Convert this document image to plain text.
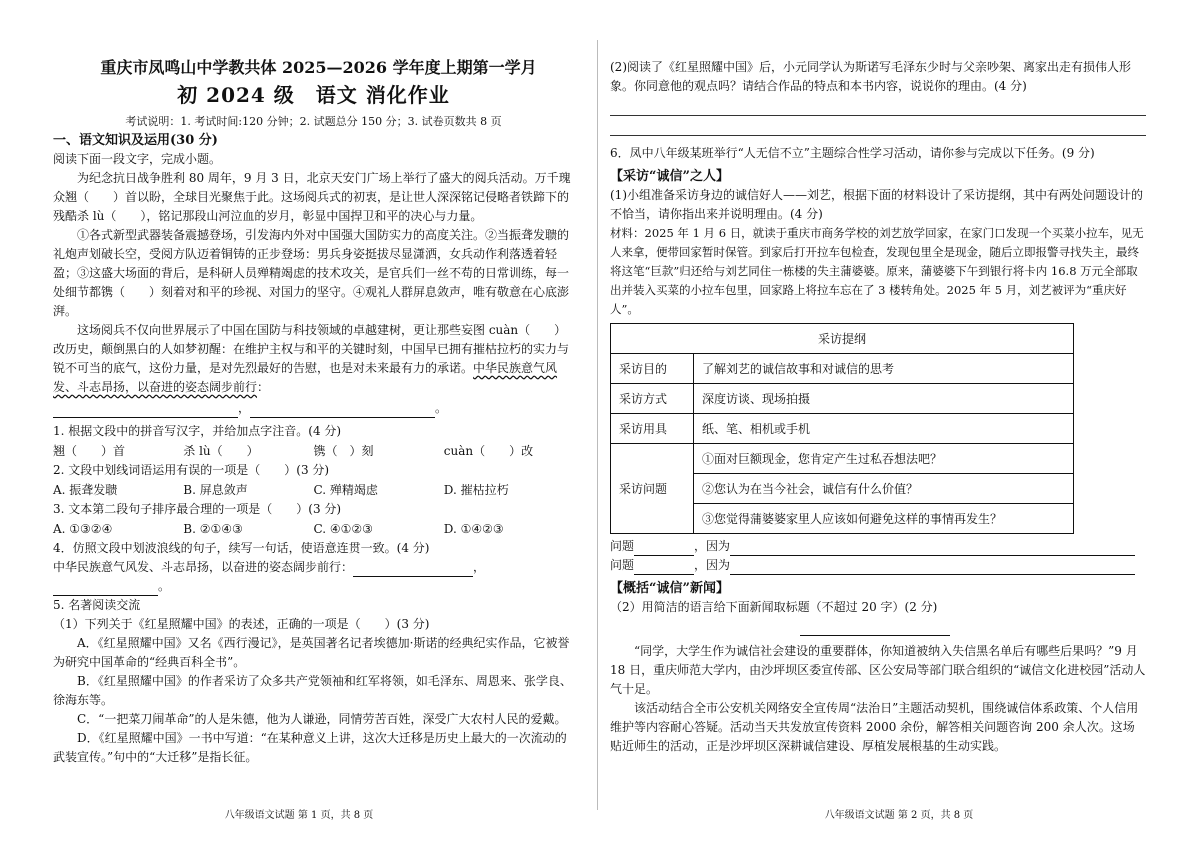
重庆市凤鸣山中学教共体 2025—2026 学年度上期第一学月
初 2024 级　语文 消化作业
考试说明：1. 考试时间:120 分钟；2. 试题总分 150 分；3. 试卷页数共 8 页
一、语文知识及运用(30 分)

阅读下面一段文字，完成小题。

为纪念抗日战争胜利 80 周年，9 月 3 日，北京天安门广场上举行了盛大的阅兵活动。万千瑰众翘（　　）首以盼，全球目光聚焦于此。这场阅兵式的初衷，是让世人深深铭记侵略者铁蹄下的残酷杀 lù（　　），铭记那段山河泣血的岁月，彰显中国捍卫和平的决心与力量。

①各式新型武器装备震撼登场，引发海内外对中国强大国防实力的高度关注。②当振聋发聩的礼炮声划破长空，受阅方队迈着铜铸的正步登场：男兵身姿挺拔尽显潇洒，女兵动作利落透着轻盈；③这盛大场面的背后，是科研人员殚精竭虑的技术攻关，是官兵们一丝不苟的日常训练，每一处细节都镌（　　）刻着对和平的珍视、对国力的坚守。④观礼人群屏息敛声，唯有敬意在心底澎湃。

这场阅兵不仅向世界展示了中国在国防与科技领域的卓越建树，更让那些妄图 cuàn（　　）改历史，颠倒黑白的人如梦初醒：在维护主权与和平的关键时刻，中国早已拥有摧枯拉朽的实力与锐不可当的底气，这份力量，是对先烈最好的告慰，也是对未来最有力的承诺。中华民族意气风发、斗志昂扬，以奋进的姿态阔步前行：

，	。

1. 根据文段中的拼音写汉字，并给加点字注音。(4 分)

翘（　　）首	杀 lù（　　）	镌（　）刻	cuàn（　　）改

2. 文段中划线词语运用有误的一项是（　　）(3 分)

A. 振聋发聩	B. 屏息敛声	C. 殚精竭虑	D. 摧枯拉朽

3. 文本第二段句子排序最合理的一项是（　　）(3 分)

A. ①③②④	B. ②①④③	C. ④①②③	D. ①④②③

4．仿照文段中划波浪线的句子，续写一句话，使语意连贯一致。(4 分)

中华民族意气风发、斗志昂扬，以奋进的姿态阔步前行：	，。

5. 名著阅读交流

（1）下列关于《红星照耀中国》的表述，正确的一项是（　　）(3 分)

A．《红星照耀中国》又名《西行漫记》，是英国著名记者埃德加·斯诺的经典纪实作品，它被誉为研究中国革命的“经典百科全书”。

B．《红星照耀中国》的作者采访了众多共产党领袖和红军将领，如毛泽东、周恩来、张学良、徐海东等。

C．“一把菜刀闹革命”的人是朱德，他为人谦逊，同情劳苦百姓，深受广大农村人民的爱戴。

D．《红星照耀中国》一书中写道：“在某种意义上讲，这次大迁移是历史上最大的一次流动的武装宣传。”句中的“大迁移”是指长征。

八年级语文试题 第 1 页，共 8 页

(2)阅读了《红星照耀中国》后，小元同学认为斯诺写毛泽东少时与父亲吵架、离家出走有损伟人形象。你同意他的观点吗？请结合作品的特点和本书内容，说说你的理由。(4 分)

6．凤中八年级某班举行“人无信不立”主题综合性学习活动，请你参与完成以下任务。(9 分)

【采访“诚信”之人】

(1)小组准备采访身边的诚信好人——刘艺，根据下面的材料设计了采访提纲，其中有两处问题设计的不恰当，请你指出来并说明理由。(4 分)

材料：2025 年 1 月 6 日，就读于重庆市商务学校的刘艺放学回家，在家门口发现一个买菜小拉车，见无人来拿，便带回家暂时保管。到家后打开拉车包检查，发现包里全是现金，随后立即报警寻找失主，最终将这笔“巨款”归还给与刘艺同住一栋楼的失主蒲婆婆。原来，蒲婆婆下午到银行将卡内 16.8 万元全部取出并装入买菜的小拉车包里，回家路上将拉车忘在了 3 楼转角处。2025 年 5 月，刘艺被评为“重庆好人”。

采访提纲	
采访目的	了解刘艺的诚信故事和对诚信的思考
采访方式	深度访谈、现场拍摄
采访用具	纸、笔、相机或手机
采访问题	①面对巨额现金，您肯定产生过私吞想法吧？
	②您认为在当今社会，诚信有什么价值？
	③您觉得蒲婆婆家里人应该如何避免这样的事情再发生？

问题	，因为

问题	，因为

【概括“诚信”新闻】

（2）用简洁的语言给下面新闻取标题（不超过 20 字）(2 分)

“同学，大学生作为诚信社会建设的重要群体，你知道被纳入失信黑名单后有哪些后果吗？”9 月 18 日，重庆师范大学内，由沙坪坝区委宣传部、区公安局等部门联合组织的“诚信文化进校园”活动人气十足。

该活动结合全市公安机关网络安全宣传周“法治日”主题活动契机，围绕诚信体系政策、个人信用维护等内容耐心答疑。活动当天共发放宣传资料 2000 余份，解答相关问题咨询 200 余人次。这场贴近师生的活动，正是沙坪坝区深耕诚信建设、厚植发展根基的生动实践。

八年级语文试题 第 2 页，共 8 页
